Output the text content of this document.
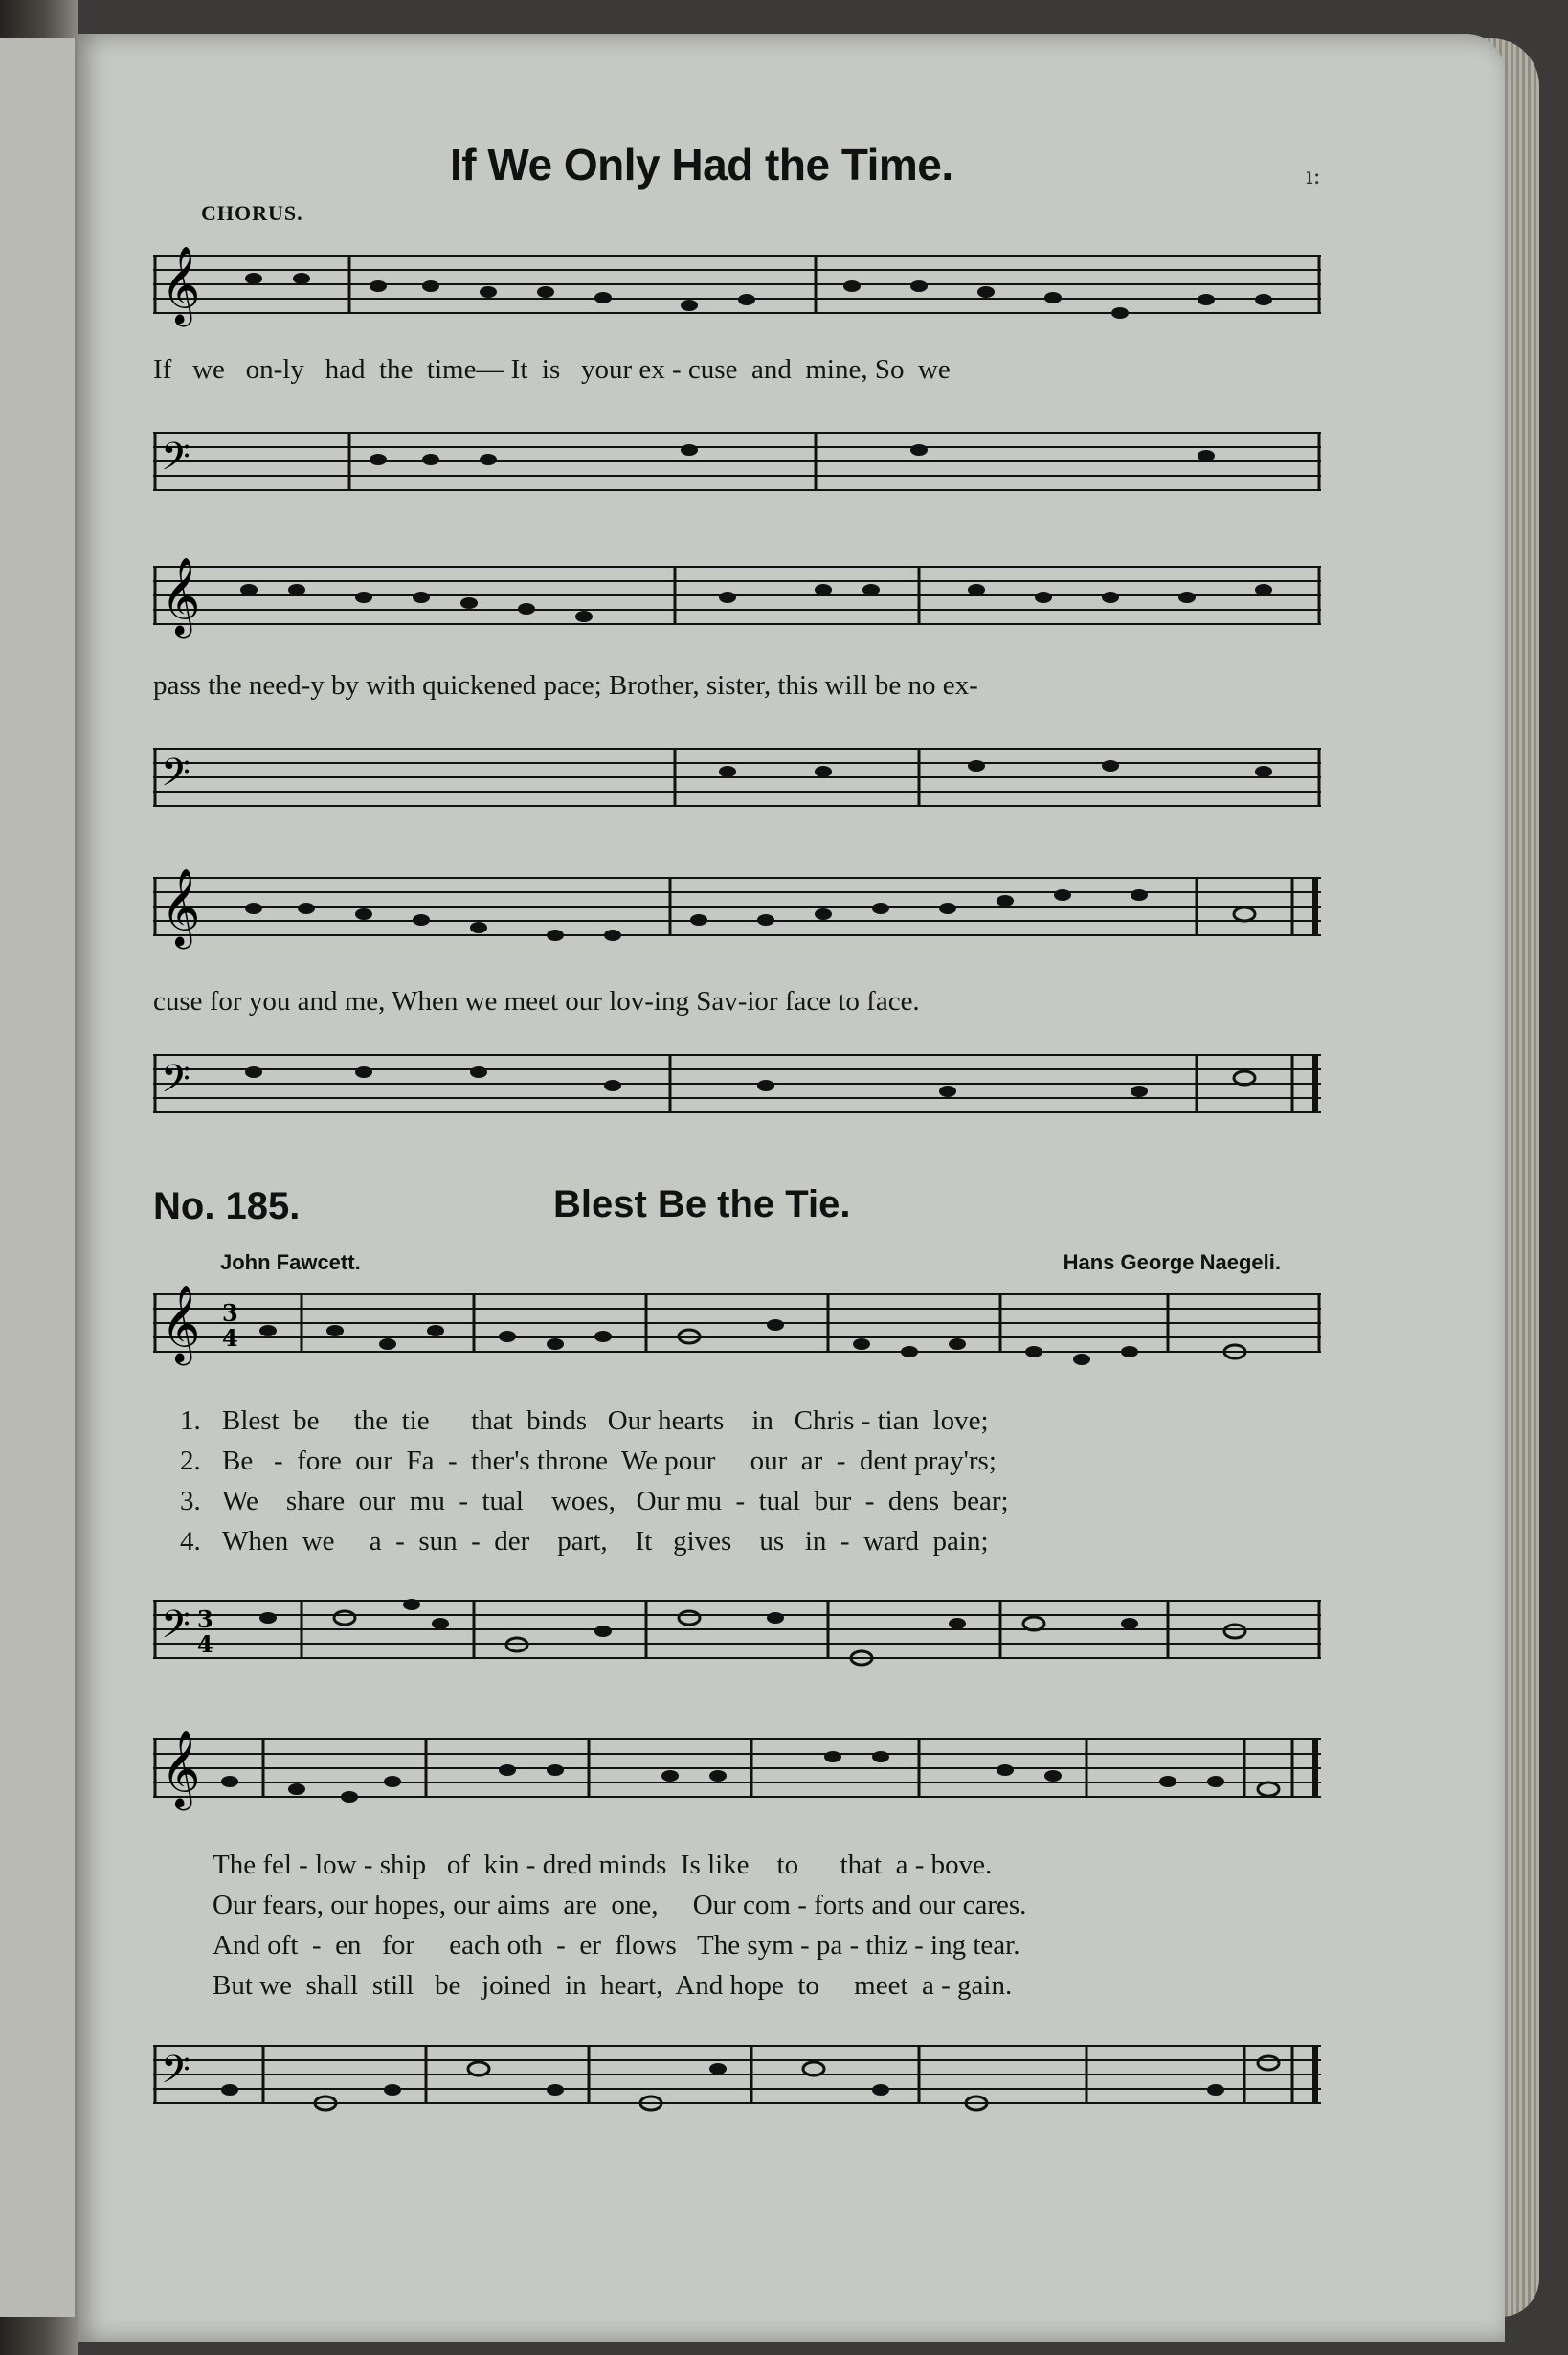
ı:
If We Only Had the Time.
CHORUS.
𝄞
If   we   on-ly   had  the  time— It  is   your ex - cuse  and  mine, So  we
𝄢
𝄞
pass the need-y by with quickened pace; Brother, sister, this will be no ex-
𝄢
𝄞
cuse for you and me, When we meet our lov-ing Sav-ior face to face.
𝄢
No. 185.	Blest Be the Tie.
John Fawcett.	Hans George Naegeli.
𝄞 3
4
1. Blest  be     the  tie      that  binds   Our hearts    in   Chris - tian  love;
2. Be   -  fore  our  Fa  -  ther's throne  We pour     our  ar  -  dent pray'rs;
3. We    share  our  mu  -  tual    woes,   Our mu  -  tual  bur  -  dens  bear;
4. When  we     a  -  sun  -  der    part,    It   gives    us   in  -  ward  pain;
𝄢 3
4
𝄞
The fel - low - ship   of  kin - dred minds  Is like    to      that  a - bove.
Our fears, our hopes, our aims  are  one,     Our com - forts and our cares.
And oft  -  en   for     each oth  -  er  flows   The sym - pa - thiz - ing tear.
But we  shall  still   be   joined  in  heart,  And hope  to     meet  a - gain.
𝄢
